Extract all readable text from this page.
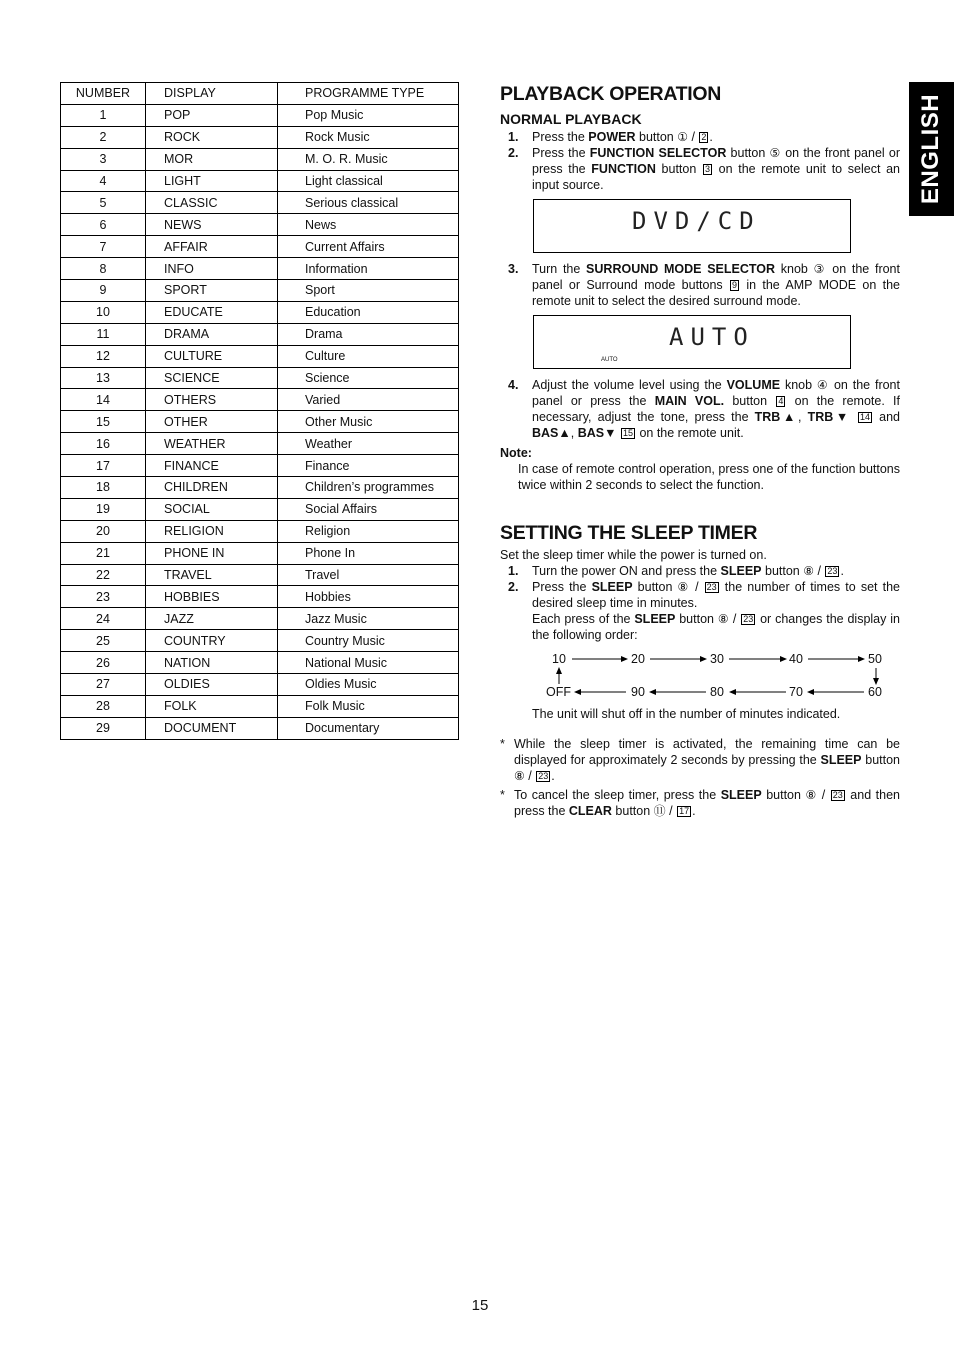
NUMBER	DISPLAY	PROGRAMME TYPE
1	POP	Pop Music
2	ROCK	Rock Music
3	MOR	M. O. R. Music
4	LIGHT	Light classical
5	CLASSIC	Serious classical
6	NEWS	News
7	AFFAIR	Current Affairs
8	INFO	Information
9	SPORT	Sport
10	EDUCATE	Education
11	DRAMA	Drama
12	CULTURE	Culture
13	SCIENCE	Science
14	OTHERS	Varied
15	OTHER	Other Music
16	WEATHER	Weather
17	FINANCE	Finance
18	CHILDREN	Children’s programmes
19	SOCIAL	Social Affairs
20	RELIGION	Religion
21	PHONE IN	Phone In
22	TRAVEL	Travel
23	HOBBIES	Hobbies
24	JAZZ	Jazz Music
25	COUNTRY	Country Music
26	NATION	National Music
27	OLDIES	Oldies Music
28	FOLK	Folk Music
29	DOCUMENT	Documentary
ENGLISH
PLAYBACK OPERATION
NORMAL PLAYBACK
1.	Press the POWER button ① / 2 .
2.	Press the FUNCTION SELECTOR button ⑤ on the front panel or press the FUNCTION button 3 on the remote unit to select an input source.
DVD/CD
3.	Turn the SURROUND MODE SELECTOR knob ③ on the front panel or Surround mode buttons 9 in the AMP MODE on the remote unit to select the desired surround mode.
AUTO
AUTO
4.	Adjust the volume level using the VOLUME knob ④ on the front panel or press the MAIN VOL. button 4 on the remote. If necessary, adjust the tone, press the TRB▲, TRB▼ 14 and BAS▲, BAS▼ 15 on the remote unit.
Note:
In case of remote control operation, press one of the function buttons twice within 2 seconds to select the function.
SETTING THE SLEEP TIMER

Set the sleep timer while the power is turned on.

1.	Turn the power ON and press the SLEEP button ⑧ / 23 .
2.	Press the SLEEP button ⑧ / 23 the number of times to set the desired sleep time in minutes.
Each press of the SLEEP button ⑧ / 23 or changes the display in the following order:
10	20	30	40	50
OFF	90	80	70	60

The unit will shut off in the number of minutes indicated.

* While the sleep timer is activated, the remaining time can be displayed for approximately 2 seconds by pressing the SLEEP button ⑧ / 23 .
* To cancel the sleep timer, press the SLEEP button ⑧ / 23 and then press the CLEAR button ⑪ / 17 .
15
